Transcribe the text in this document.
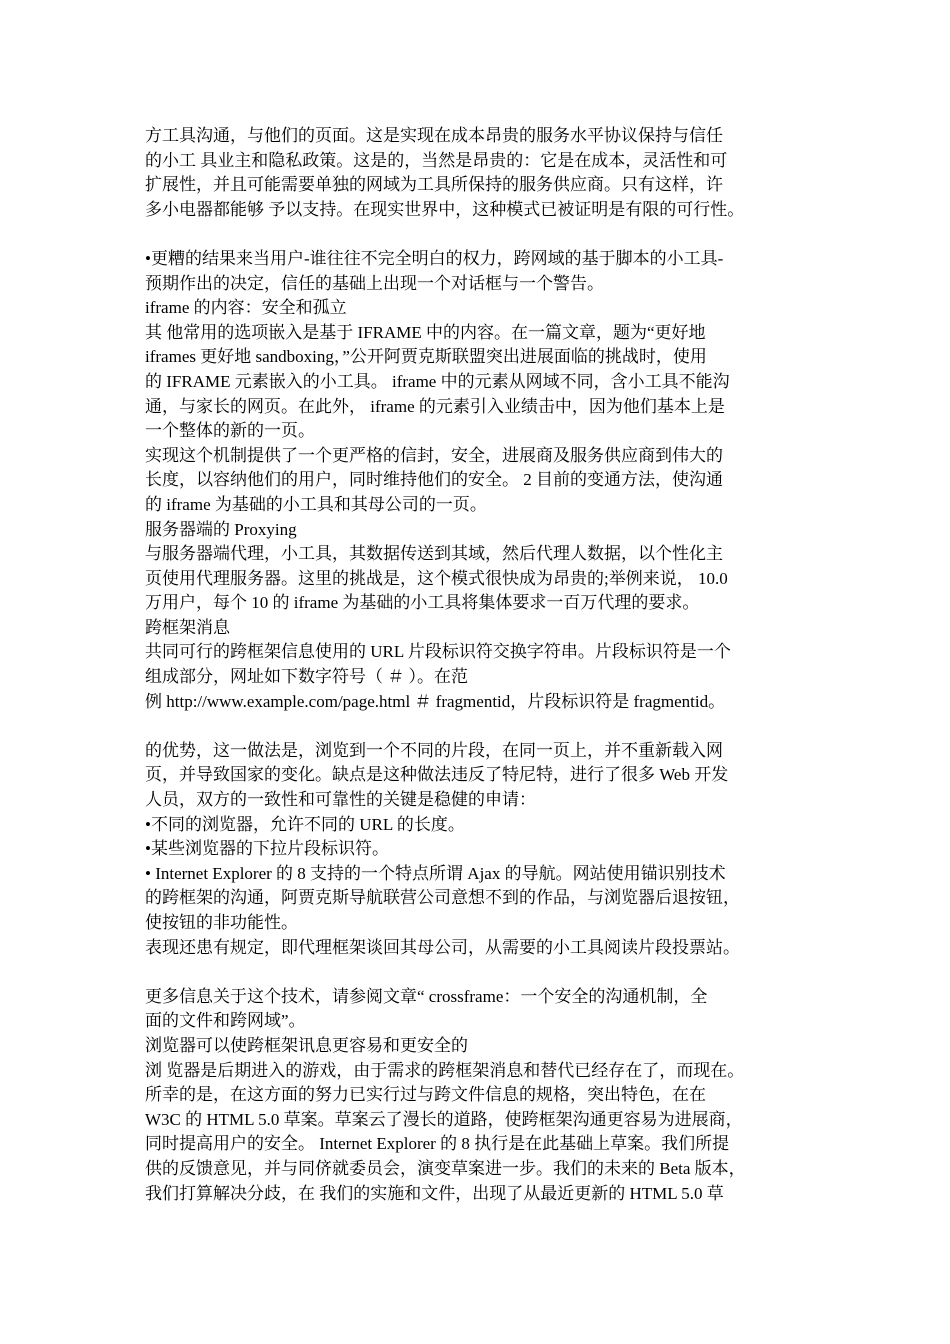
方工具沟通，与他们的页面。这是实现在成本昂贵的服务水平协议保持与信任
的小工 具业主和隐私政策。这是的，当然是昂贵的：它是在成本，灵活性和可
扩展性，并且可能需要单独的网域为工具所保持的服务供应商。只有这样，许
多小电器都能够 予以支持。在现实世界中，这种模式已被证明是有限的可行性。
•更糟的结果来当用户-谁往往不完全明白的权力，跨网域的基于脚本的小工具-
预期作出的决定，信任的基础上出现一个对话框与一个警告。
iframe 的内容：安全和孤立
其 他常用的选项嵌入是基于 IFRAME 中的内容。在一篇文章，题为“更好地
iframes 更好地 sandboxing，”公开阿贾克斯联盟突出进展面临的挑战时，使用
的 IFRAME 元素嵌入的小工具。 iframe 中的元素从网域不同，含小工具不能沟
通，与家长的网页。在此外， iframe 的元素引入业绩击中，因为他们基本上是
一个整体的新的一页。
实现这个机制提供了一个更严格的信封，安全，进展商及服务供应商到伟大的
长度，以容纳他们的用户，同时维持他们的安全。 2 目前的变通方法，使沟通
的 iframe 为基础的小工具和其母公司的一页。
服务器端的 Proxying
与服务器端代理，小工具，其数据传送到其域，然后代理人数据，以个性化主
页使用代理服务器。这里的挑战是，这个模式很快成为昂贵的;举例来说， 10.0
万用户，每个 10 的 iframe 为基础的小工具将集体要求一百万代理的要求。
跨框架消息
共同可行的跨框架信息使用的 URL 片段标识符交换字符串。片段标识符是一个
组成部分，网址如下数字符号（ ＃ ）。在范
例 http://www.example.com/page.html ＃ fragmentid，片段标识符是 fragmentid。
的优势，这一做法是，浏览到一个不同的片段，在同一页上，并不重新载入网
页，并导致国家的变化。缺点是这种做法违反了特尼特，进行了很多 Web 开发
人员，双方的一致性和可靠性的关键是稳健的申请：
•不同的浏览器，允许不同的 URL 的长度。
•某些浏览器的下拉片段标识符。
• Internet Explorer 的 8 支持的一个特点所谓 Ajax 的导航。网站使用锚识别技术
的跨框架的沟通，阿贾克斯导航联营公司意想不到的作品，与浏览器后退按钮，
使按钮的非功能性。
表现还患有规定，即代理框架谈回其母公司，从需要的小工具阅读片段投票站。
更多信息关于这个技术，请参阅文章“ crossframe：一个安全的沟通机制，全
面的文件和跨网域”。
浏览器可以使跨框架讯息更容易和更安全的
浏 览器是后期进入的游戏，由于需求的跨框架消息和替代已经存在了，而现在。
所幸的是，在这方面的努力已实行过与跨文件信息的规格，突出特色，在在
W3C 的 HTML 5.0 草案。草案云了漫长的道路，使跨框架沟通更容易为进展商，
同时提高用户的安全。 Internet Explorer 的 8 执行是在此基础上草案。我们所提
供的反馈意见，并与同侪就委员会，演变草案进一步。我们的未来的 Beta 版本，
我们打算解决分歧，在 我们的实施和文件，出现了从最近更新的 HTML 5.0 草
